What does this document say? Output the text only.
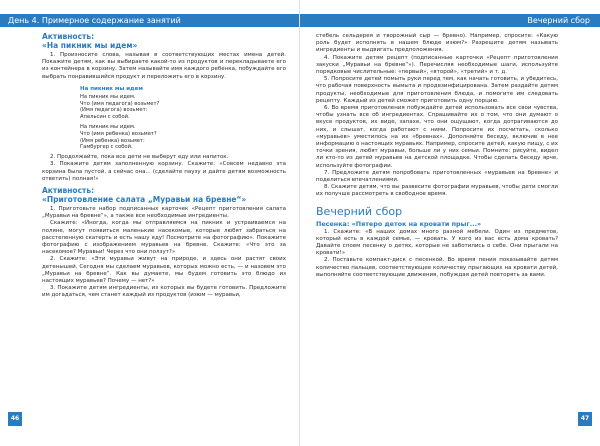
День 4. Примерное содержание занятий
Активность:
«На пикник мы идем»

1. Произносите слова, называя в соответствующих местах имена детей. Покажите детям, как вы выбираете какой-то из продуктов и перекладываете его из контейнера в корзину. Затем называйте имя каждого ребенка, побуждайте его выбрать понравившийся продукт и переложить его в корзину.

На пикник мы идем
На пикник мы идем.
Что (имя педагога) возьмет?
(Имя педагога) возьмет:
Апельсин с собой.
На пикник мы идем.
Что (имя ребенка) возьмет?
(Имя ребенка) возьмет:
Гамбургер с собой.

2. Продолжайте, пока все дети не выберут еду или напиток.

3. Покажите детям заполненную корзину. Скажите: «Совсем недавно эта корзина была пустой, а сейчас она... (сделайте паузу и дайте детям возможность ответить) полная!»

Активность:
«Приготовление салата „Муравьи на бревне“»

1. Приготовьте набор подписанных карточек «Рецепт приготовления салата „Муравьи на бревне“», а также все необходимые ингредиенты.

Скажите: «Иногда, когда мы отправляемся на пикник и устраиваемся на поляне, могут появиться маленькие насекомые, которые любят забраться на расстеленную скатерть и есть нашу еду! Посмотрите на фотографию». Покажите фотографию с изображением муравьев на бревне. Скажите: «Что это за насекомое? Муравьи! Через что они ползут?»

2. Скажите: «Эти муравьи живут на природе, и здесь они растят своих детенышей. Сегодня мы сделаем муравьев, которых можно есть, — и назовем это „Муравьи на бревне“. Как вы думаете, мы будем готовить это блюдо из настоящих муравьев? Почему — нет?»

3. Покажите детям ингредиенты, из которых вы будете готовить. Предложите им догадаться, чем станет каждый из продуктов (изюм — муравьи,

46
Вечерний сбор

стебель сельдерея и творожный сыр — бревно). Например, спросите: «Какую роль будет исполнять в нашем блюде изюм?» Разрешите детям называть ингредиенты и выдвигать предположения.

4. Покажите детям рецепт (подписанные карточки «Рецепт приготовления закуски „Муравьи на бревне“»). Перечисляя необходимые шаги, используйте порядковые числительные: «первый», «второй», «третий» и т. д.

5. Попросите детей помыть руки перед тем, как начать готовить, и убедитесь, что рабочая поверхность вымыта и продезинфицирована. Затем раздайте детям продукты, необходимые для приготовления блюда, и помогите им следовать рецепту. Каждый из детей сможет приготовить одну порцию.

6. Во время приготовления побуждайте детей использовать все свои чувства, чтобы узнать все об ингредиентах. Спрашивайте их о том, что они думают о вкусе продуктов, их виде, запахе, что они ощущают, когда дотрагиваются до них, и слышат, когда работают с ними. Попросите их посчитать, сколько «муравьев» уместилось на их «бревнах». Дополняйте беседу, включив в нее информацию о настоящих муравьях. Например, спросите детей, какую пищу, с их точки зрения, любят муравьи, больше ли у них семьи. Помните: рисуйте, видел ли кто-то из детей муравьев на детской площадке. Чтобы сделать беседу ярче, используйте фотографии.

7. Предложите детям попробовать приготовленных «муравьев на бревне» и поделиться впечатлениями.

8. Скажите детям, что вы развесите фотографии муравьев, чтобы дети смогли их получше рассмотреть в свободное время.

Вечерний сбор
Песенка: «Пятеро деток на кровати прыг...»

1. Скажите: «В наших домах много разной мебели. Один из предметов, который есть в каждой семье, — кровать. У кого из вас есть дома кровать? Давайте споем песенку о детях, которые не заботились о себе. Они прыгали на кровати!»

2. Поставьте компакт-диск с песенкой. Во время пения показывайте детям количество пальцев, соответствующее количеству прыгающих на кровати детей, выполняйте соответствующие движения, побуждая детей повторять за вами.

47
